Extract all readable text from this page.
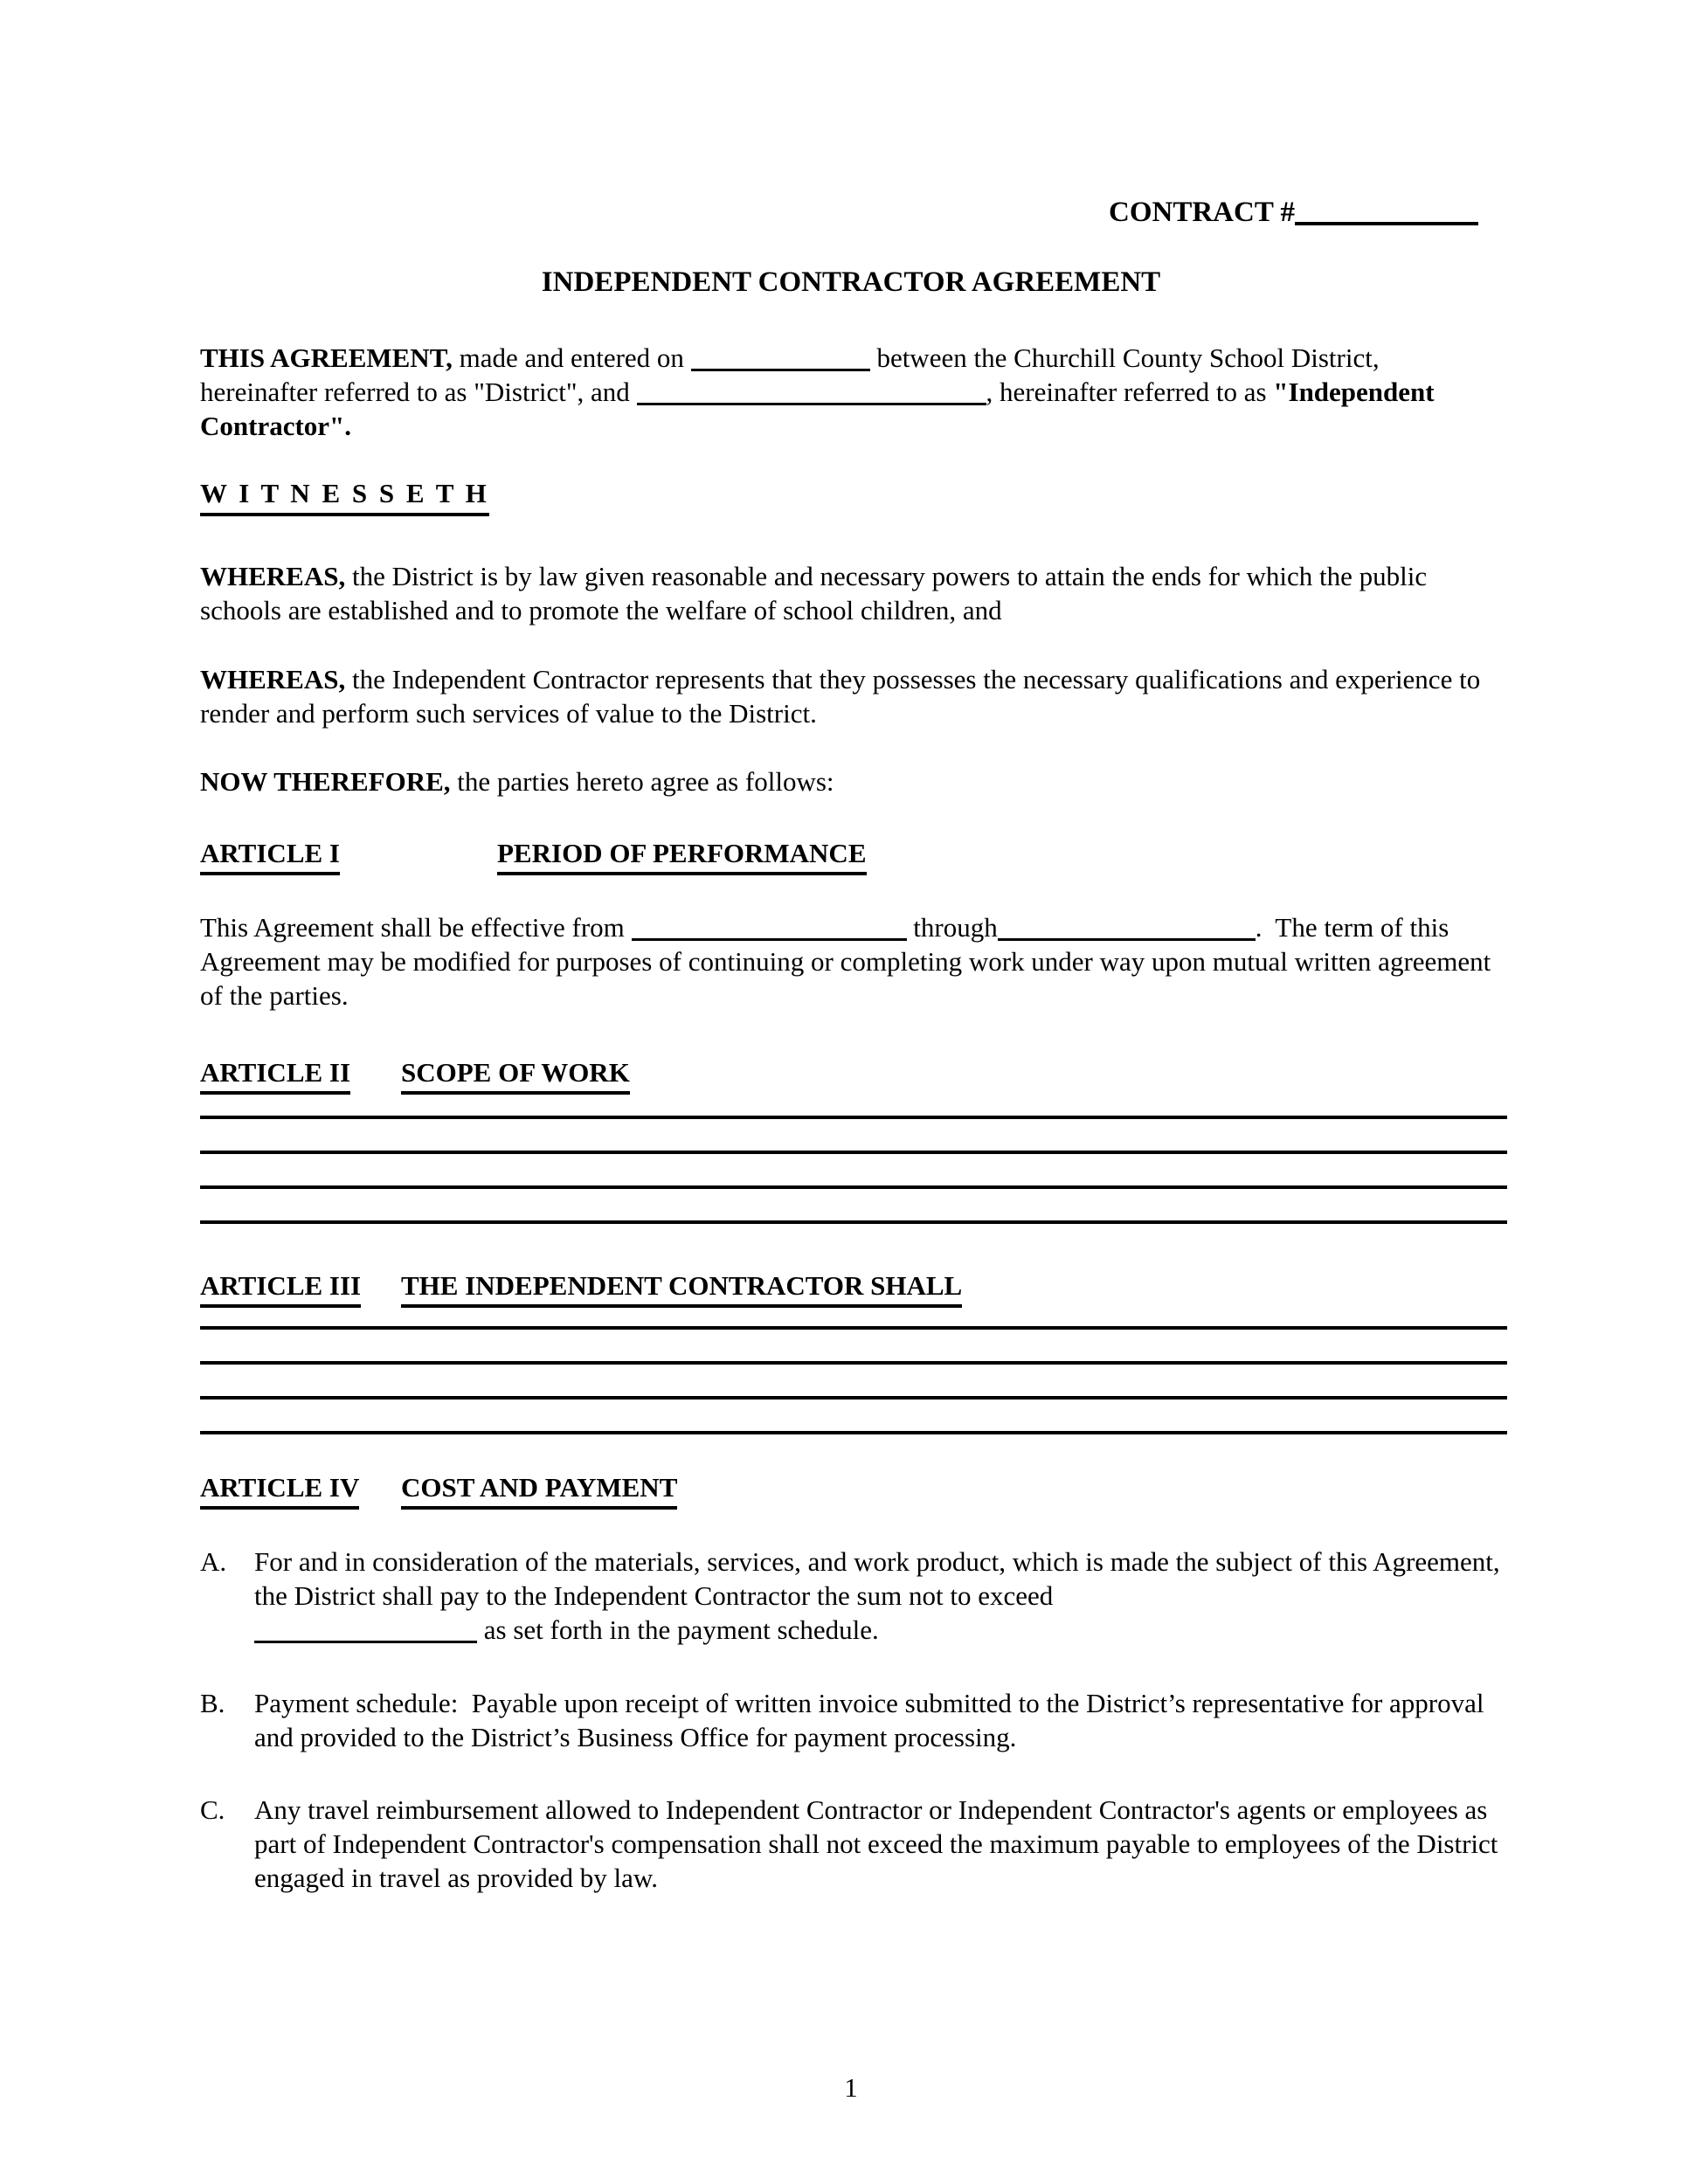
CONTRACT #
INDEPENDENT CONTRACTOR AGREEMENT

THIS AGREEMENT, made and entered on	between the Churchill County School District, hereinafter referred to as "District", and	, hereinafter referred to as "Independent Contractor".

W I T N E S S E T H

WHEREAS, the District is by law given reasonable and necessary powers to attain the ends for which the public schools are established and to promote the welfare of school children, and

WHEREAS, the Independent Contractor represents that they possesses the necessary qualifications and experience to render and perform such services of value to the District.

NOW THEREFORE, the parties hereto agree as follows:

ARTICLE I	PERIOD OF PERFORMANCE

This Agreement shall be effective from	through	.  The term of this Agreement may be modified for purposes of continuing or completing work under way upon mutual written agreement of the parties.

ARTICLE II SCOPE OF WORK
ARTICLE III THE INDEPENDENT CONTRACTOR SHALL
ARTICLE IV COST AND PAYMENT
A. For and in consideration of the materials, services, and work product, which is made the subject of this Agreement, the District shall pay to the Independent Contractor the sum not to exceed
as set forth in the payment schedule.
B. Payment schedule:  Payable upon receipt of written invoice submitted to the District’s representative for approval and provided to the District’s Business Office for payment processing.
C. Any travel reimbursement allowed to Independent Contractor or Independent Contractor's agents or employees as part of Independent Contractor's compensation shall not exceed the maximum payable to employees of the District engaged in travel as provided by law.
1
